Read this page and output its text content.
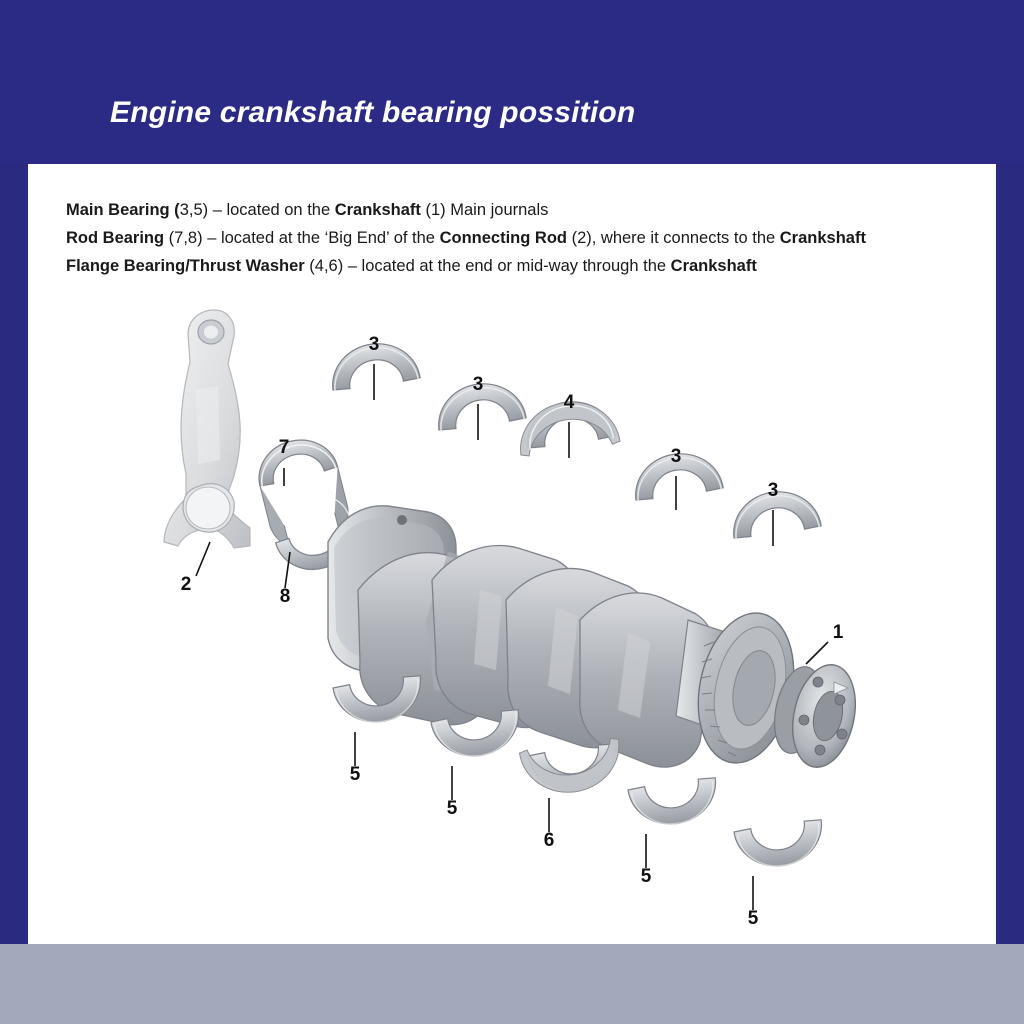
Engine crankshaft bearing possition
Main Bearing (3,5) – located on the Crankshaft (1) Main journals
Rod Bearing (7,8) – located at the ‘Big End’ of the Connecting Rod (2), where it connects to the Crankshaft
Flange Bearing/Thrust Washer (4,6) – located at the end or mid-way through the Crankshaft
3
3
4
3
3
7
2
8
1
5
5
6
5
5
